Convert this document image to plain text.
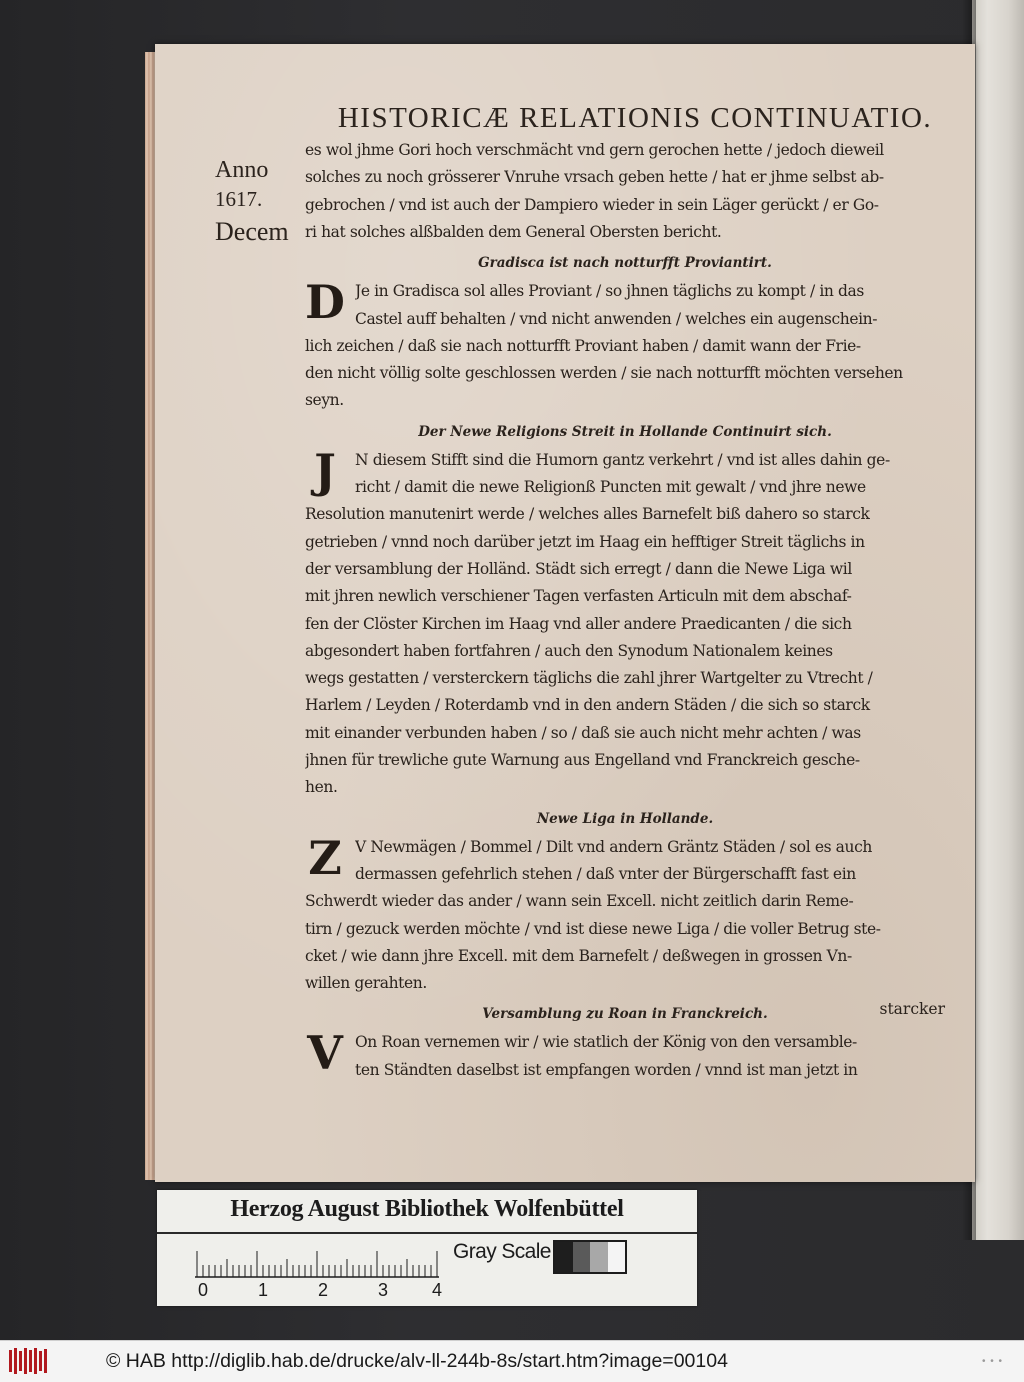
HISTORICÆ RELATIONIS CONTINUATIO.
Anno
1617.
Decem
es wol jhme Gori hoch verschmächt vnd gern gerochen hette / jedoch dieweil
solches zu noch grösserer Vnruhe vrsach geben hette / hat er jhme selbst ab-
gebrochen / vnd ist auch der Dampiero wieder in sein Läger gerückt / er Go-
ri hat solches alßbalden dem General Obersten bericht.
Gradisca ist nach notturfft Proviantirt.
D Je in Gradisca sol alles Proviant / so jhnen täglichs zu kompt / in das
Castel auff behalten / vnd nicht anwenden / welches ein augenschein-
lich zeichen / daß sie nach notturfft Proviant haben / damit wann der Frie-
den nicht völlig solte geschlossen werden / sie nach notturfft möchten versehen
seyn.
Der Newe Religions Streit in Hollande Continuirt sich.
J	N diesem Stifft sind die Humorn gantz verkehrt / vnd ist alles dahin ge-
richt / damit die newe Religionß Puncten mit gewalt / vnd jhre newe
Resolution manutenirt werde / welches alles Barnefelt biß dahero so starck
getrieben / vnnd noch darüber jetzt im Haag ein hefftiger Streit täglichs in
der versamblung der Holländ. Städt sich erregt / dann die Newe Liga wil
mit jhren newlich verschiener Tagen verfasten Articuln mit dem abschaf-
fen der Clöster Kirchen im Haag vnd aller andere Praedicanten / die sich
abgesondert haben fortfahren / auch den Synodum Nationalem keines
wegs gestatten / versterckern täglichs die zahl jhrer Wartgelter zu Vtrecht /
Harlem / Leyden / Roterdamb vnd in den andern Städen / die sich so starck
mit einander verbunden haben / so / daß sie auch nicht mehr achten / was
jhnen für trewliche gute Warnung aus Engelland vnd Franckreich gesche-
hen.
Newe Liga in Hollande.
Z V Newmägen / Bommel / Dilt vnd andern Gräntz Städen / sol es auch
dermassen gefehrlich stehen / daß vnter der Bürgerschafft fast ein
Schwerdt wieder das ander / wann sein Excell. nicht zeitlich darin Reme-
tirn / gezuck werden möchte / vnd ist diese newe Liga / die voller Betrug ste-
cket / wie dann jhre Excell. mit dem Barnefelt / deßwegen in grossen Vn-
willen gerahten.
Versamblung zu Roan in Franckreich.
V On Roan vernemen wir / wie statlich der König von den versamble-
ten Ständten daselbst ist empfangen worden / vnnd ist man jetzt in
starcker
Herzog August Bibliothek Wolfenbüttel
0	1	2	3 4
Gray Scale
© HAB http://diglib.hab.de/drucke/alv-ll-244b-8s/start.htm?image=00104	• • •
